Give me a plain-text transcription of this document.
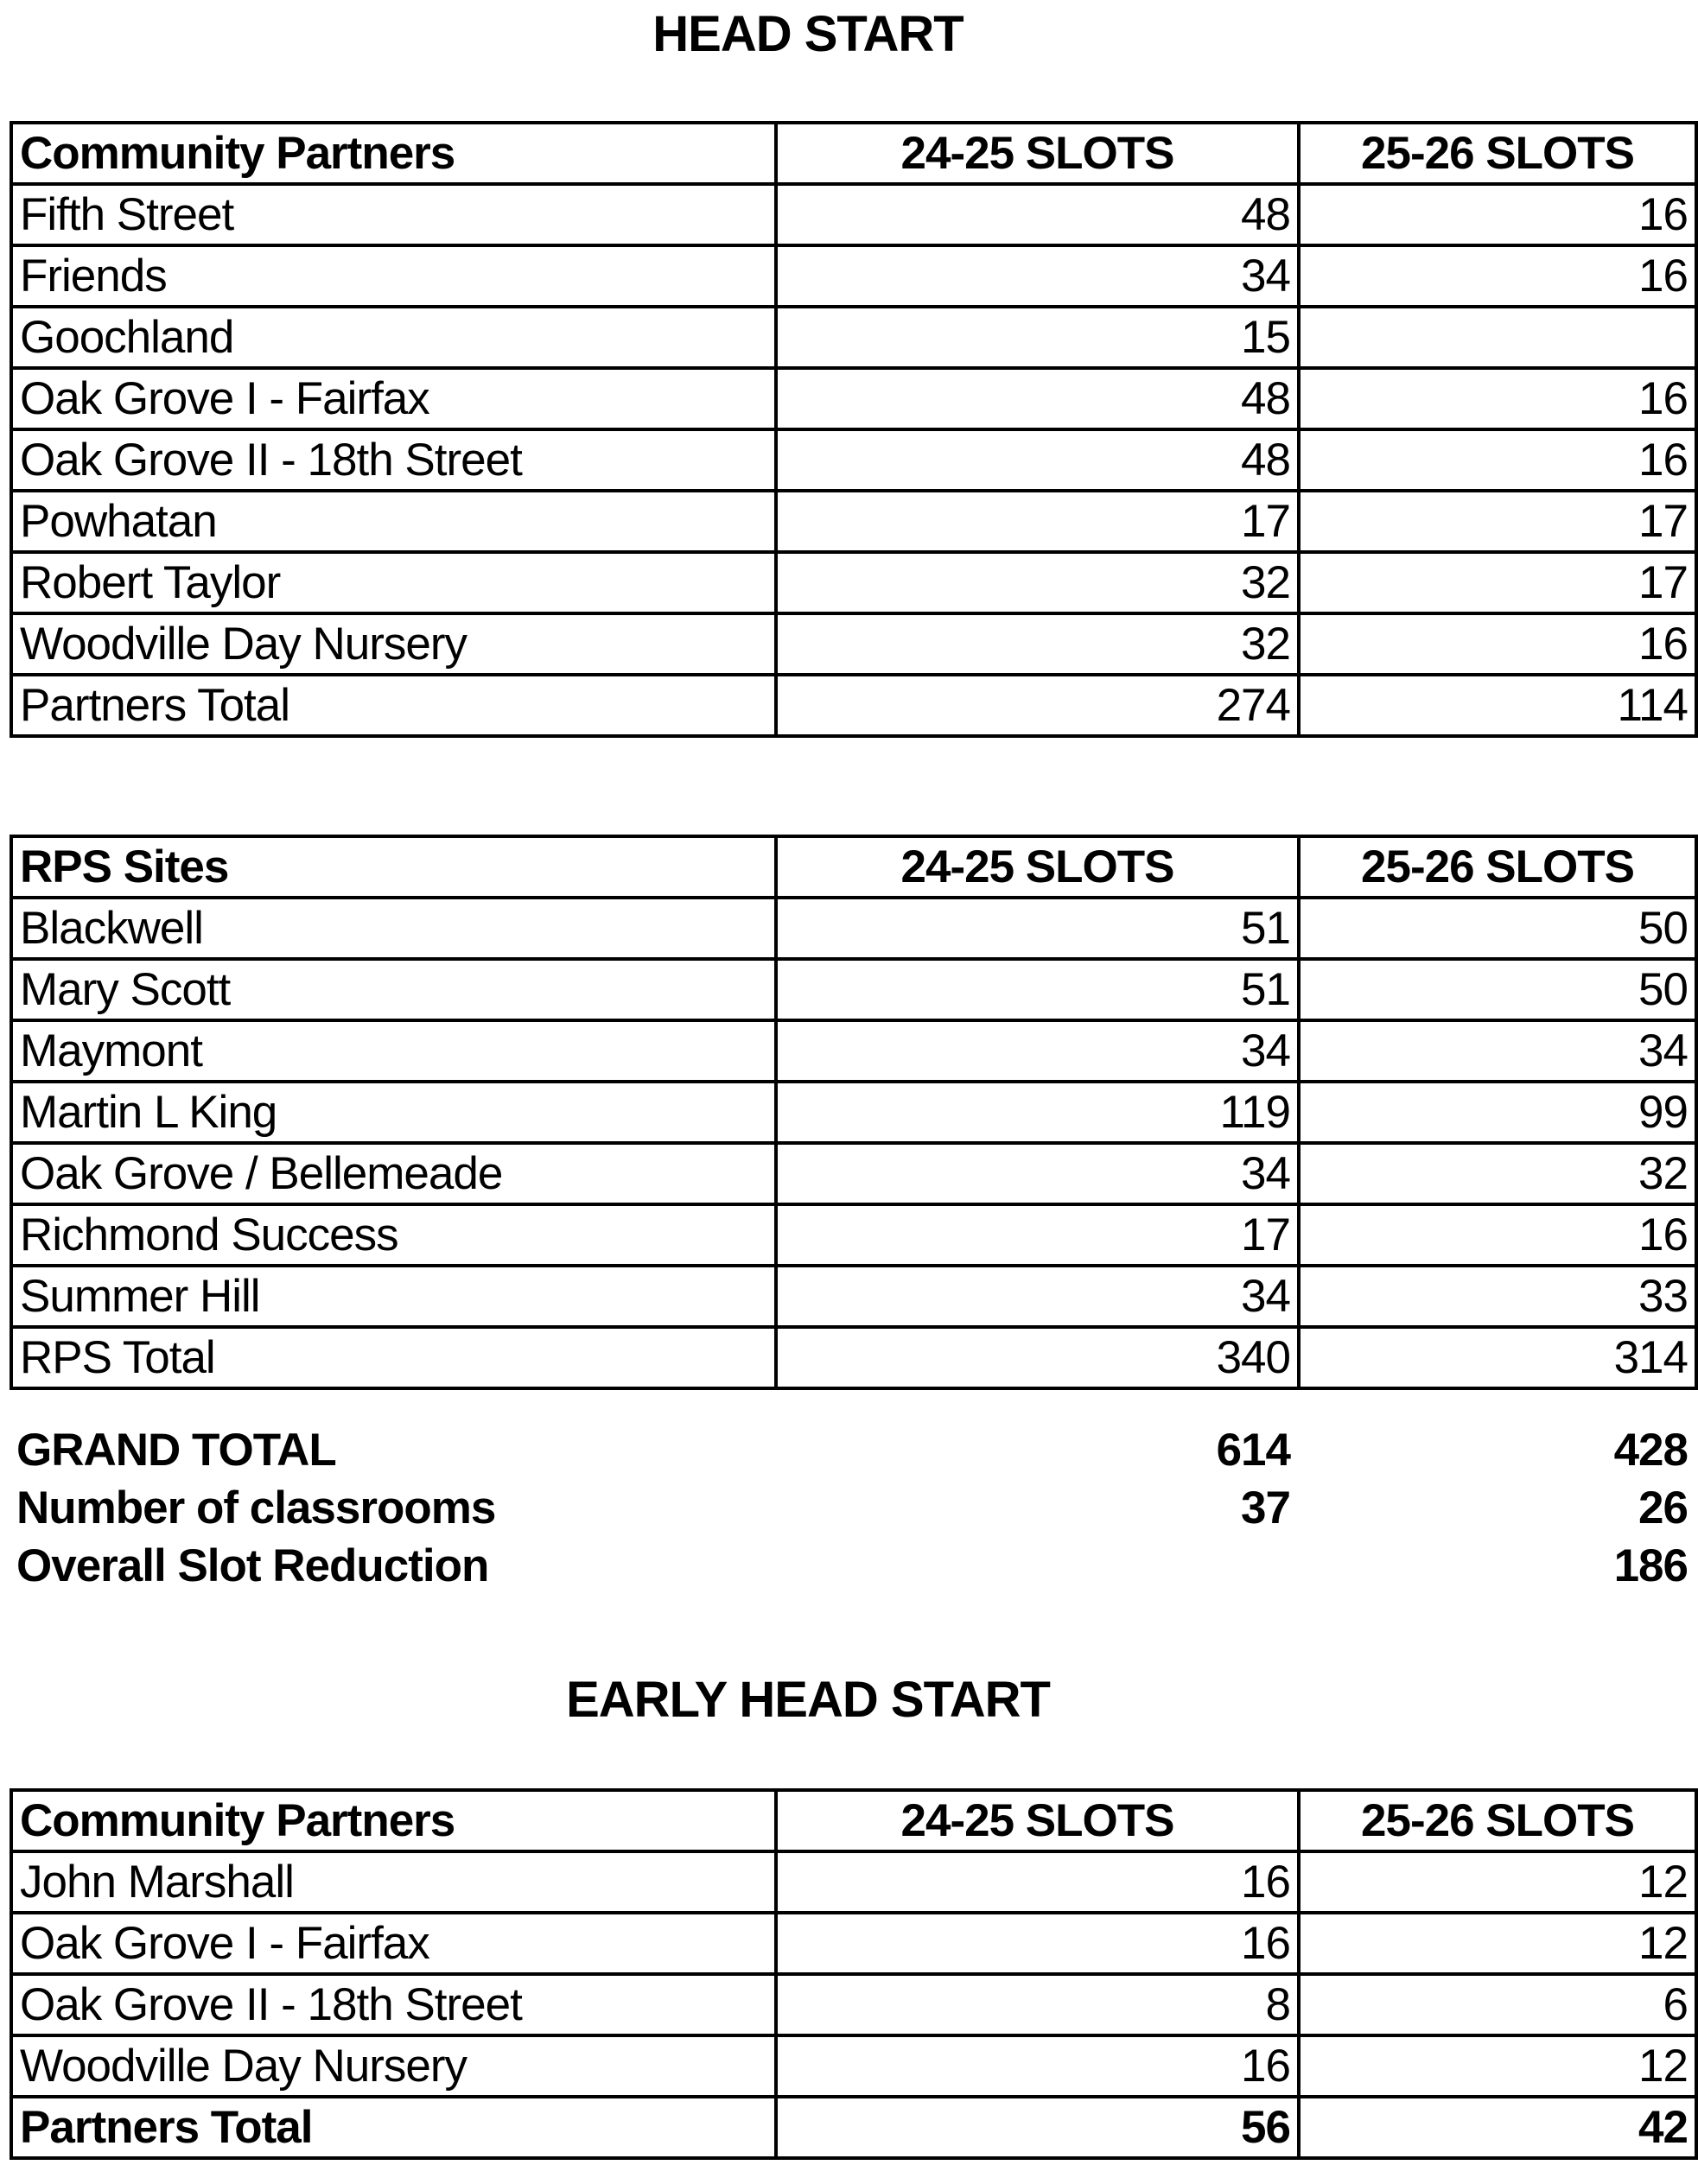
HEAD START
Community Partners	24-25 SLOTS	25-26 SLOTS
Fifth Street	48	16
Friends	34	16
Goochland	15	
Oak Grove I - Fairfax	48	16
Oak Grove II - 18th Street	48	16
Powhatan	17	17
Robert Taylor	32	17
Woodville Day Nursery	32	16
Partners Total	274	114
RPS Sites	24-25 SLOTS	25-26 SLOTS
Blackwell	51	50
Mary Scott	51	50
Maymont	34	34
Martin L King	119	99
Oak Grove / Bellemeade	34	32
Richmond Success	17	16
Summer Hill	34	33
RPS Total	340	314
GRAND TOTAL	614	428
Number of classrooms	37	26
Overall Slot Reduction		186
EARLY HEAD START
Community Partners	24-25 SLOTS	25-26 SLOTS
John Marshall	16	12
Oak Grove I - Fairfax	16	12
Oak Grove II - 18th Street	8	6
Woodville Day Nursery	16	12
Partners Total	56	42
